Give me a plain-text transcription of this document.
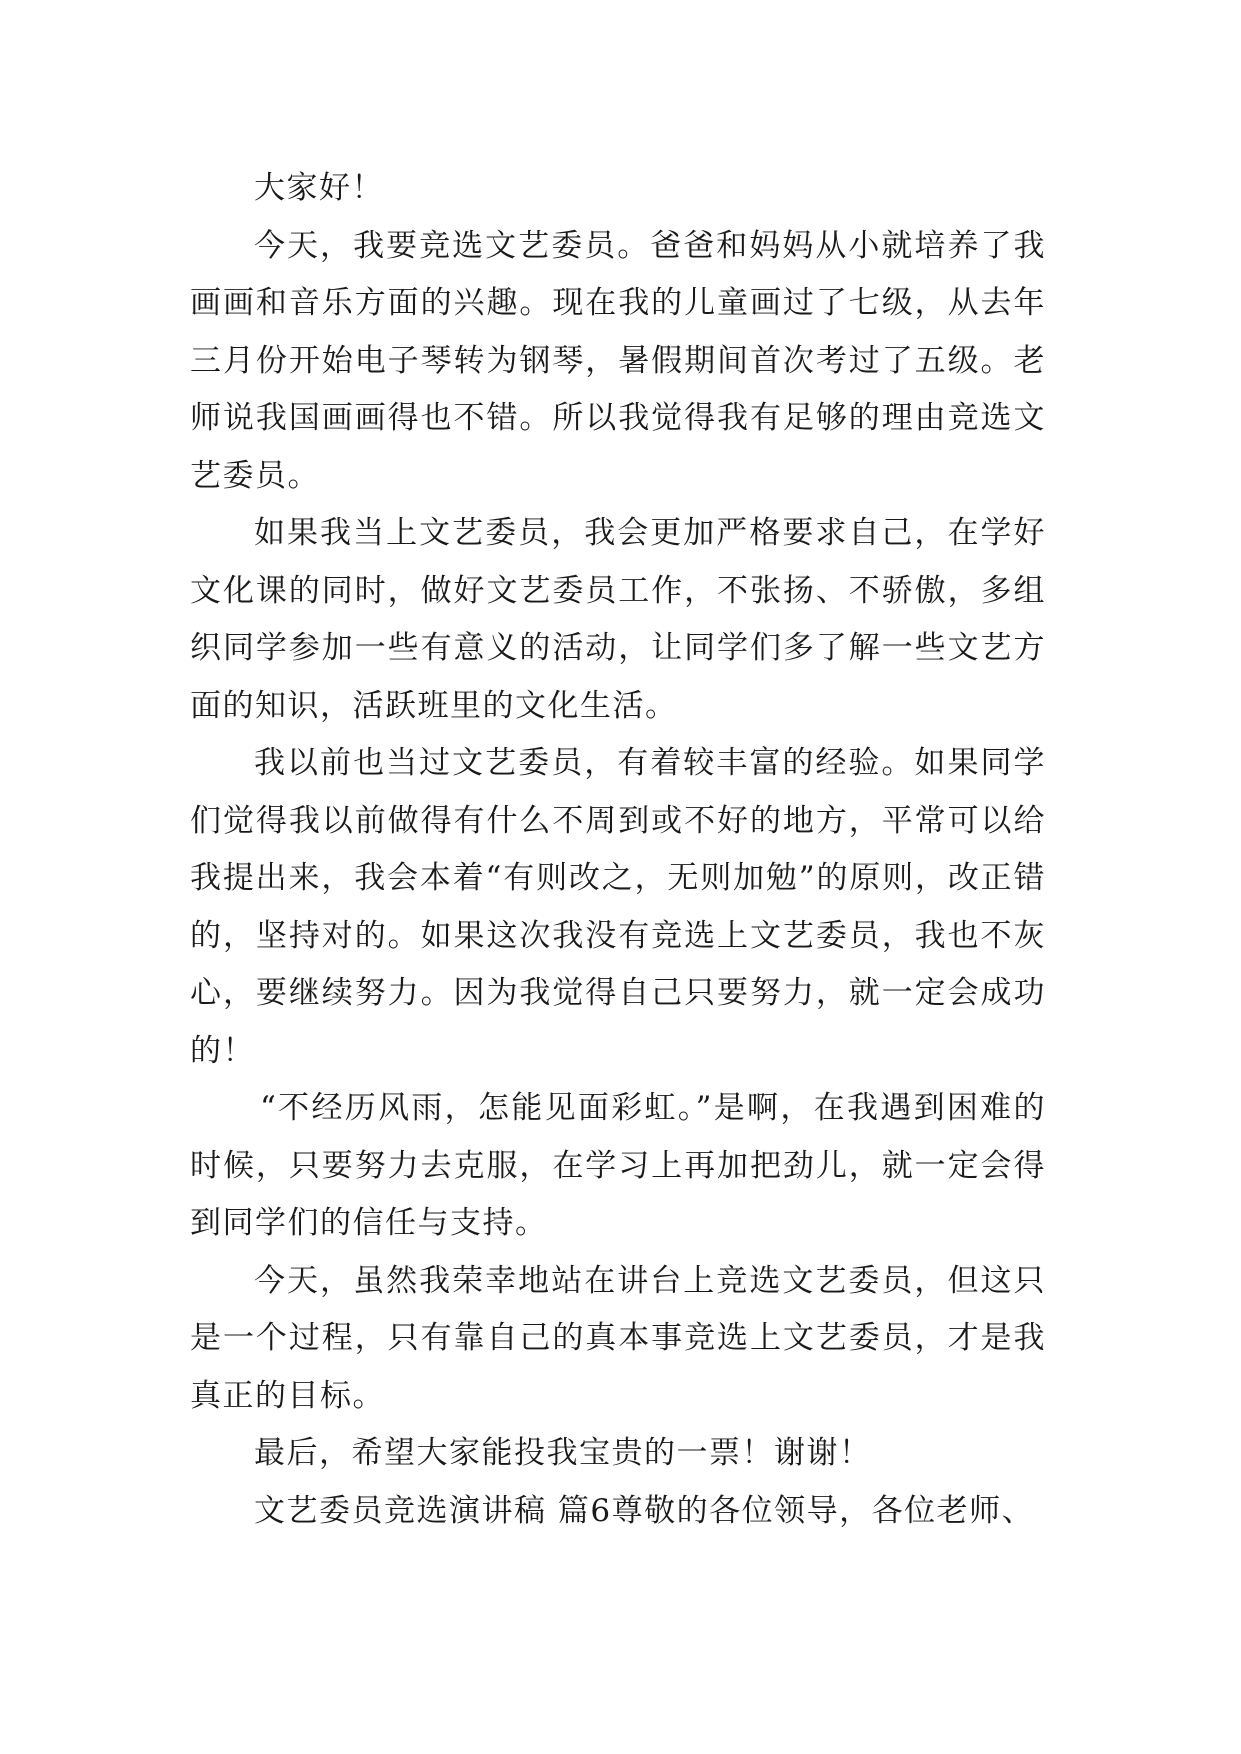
大家好！

今天，我要竞选文艺委员。爸爸和妈妈从小就培养了我画画和音乐方面的兴趣。现在我的儿童画过了七级，从去年三月份开始电子琴转为钢琴，暑假期间首次考过了五级。老师说我国画画得也不错。所以我觉得我有足够的理由竞选文艺委员。

如果我当上文艺委员，我会更加严格要求自己，在学好文化课的同时，做好文艺委员工作，不张扬、不骄傲，多组织同学参加一些有意义的活动，让同学们多了解一些文艺方面的知识，活跃班里的文化生活。

我以前也当过文艺委员，有着较丰富的经验。如果同学们觉得我以前做得有什么不周到或不好的地方，平常可以给我提出来，我会本着“有则改之，无则加勉”的原则，改正错的，坚持对的。如果这次我没有竞选上文艺委员，我也不灰心，要继续努力。因为我觉得自己只要努力，就一定会成功的！

“不经历风雨，怎能见面彩虹。”是啊，在我遇到困难的时候，只要努力去克服，在学习上再加把劲儿，就一定会得到同学们的信任与支持。

今天，虽然我荣幸地站在讲台上竞选文艺委员，但这只是一个过程，只有靠自己的真本事竞选上文艺委员，才是我真正的目标。

最后，希望大家能投我宝贵的一票！谢谢！

文艺委员竞选演讲稿 篇6尊敬的各位领导，各位老师、
